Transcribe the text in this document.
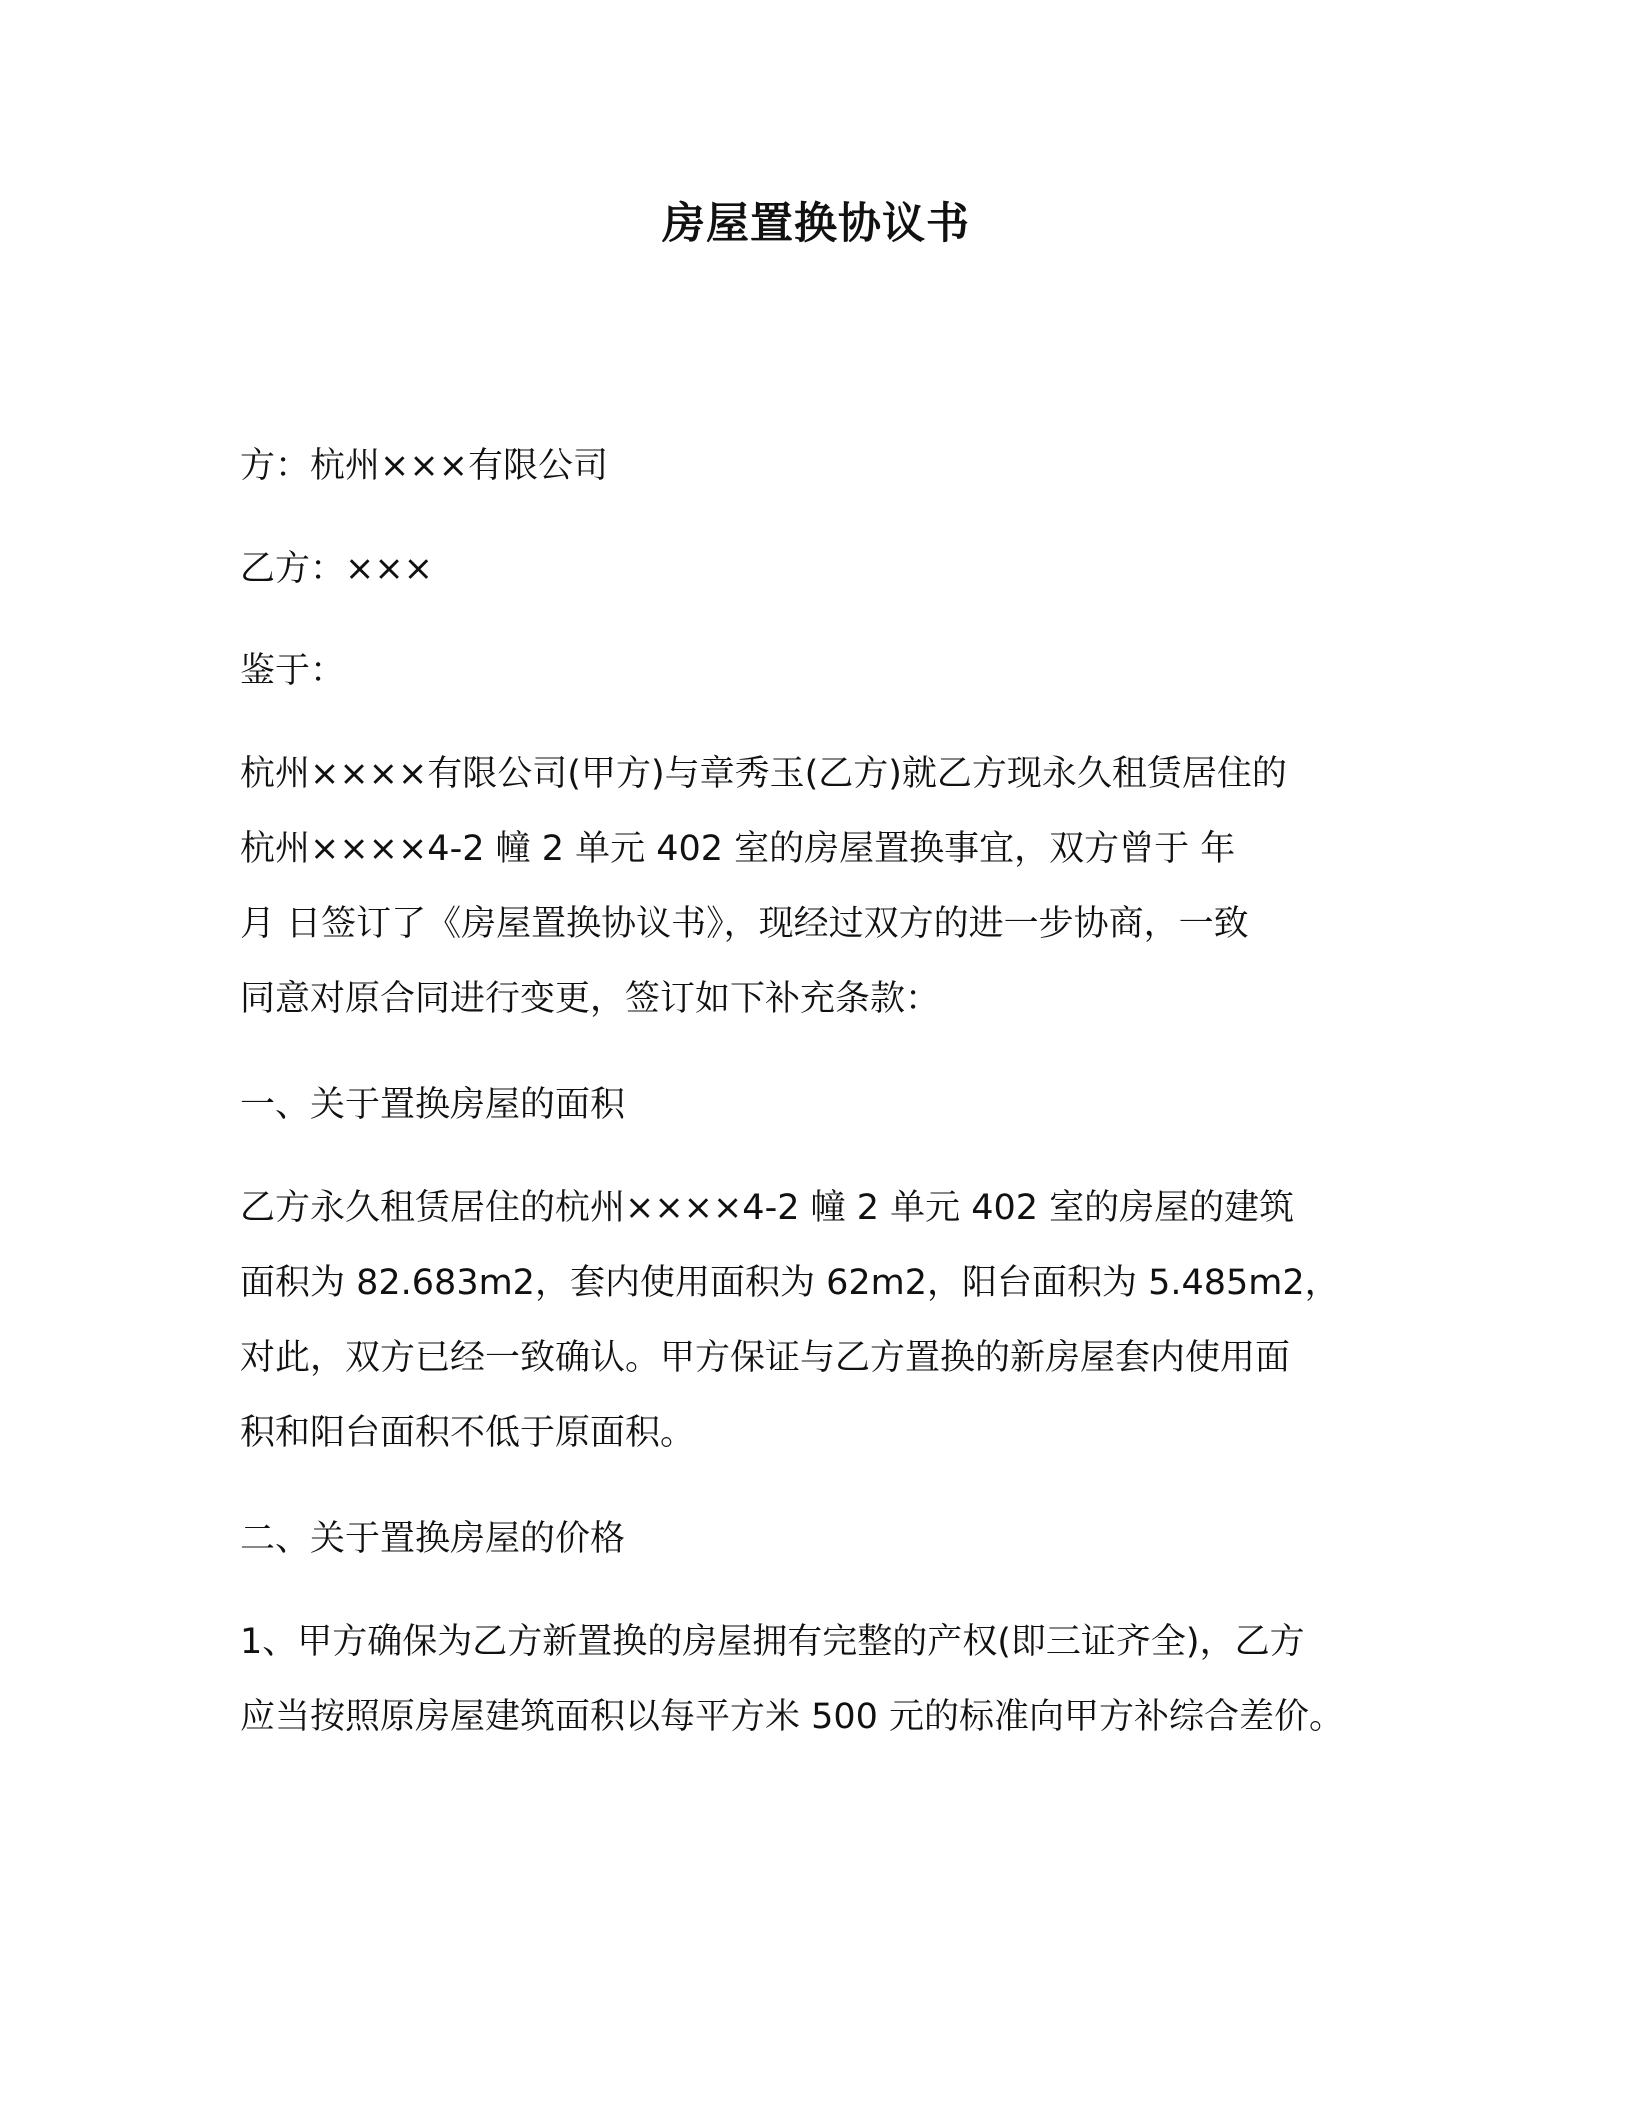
房屋置换协议书
方：杭州×××有限公司
乙方：×××
鉴于：
杭州××××有限公司(甲方)与章秀玉(乙方)就乙方现永久租赁居住的
杭州××××4-2 幢 2 单元 402 室的房屋置换事宜，双方曾于 年
月 日签订了《房屋置换协议书》，现经过双方的进一步协商，一致
同意对原合同进行变更，签订如下补充条款：
一、关于置换房屋的面积
乙方永久租赁居住的杭州××××4-2 幢 2 单元 402 室的房屋的建筑
面积为 82.683m2，套内使用面积为 62m2，阳台面积为 5.485m2，
对此，双方已经一致确认。甲方保证与乙方置换的新房屋套内使用面
积和阳台面积不低于原面积。
二、关于置换房屋的价格
1、甲方确保为乙方新置换的房屋拥有完整的产权(即三证齐全)，乙方
应当按照原房屋建筑面积以每平方米 500 元的标准向甲方补综合差价。
